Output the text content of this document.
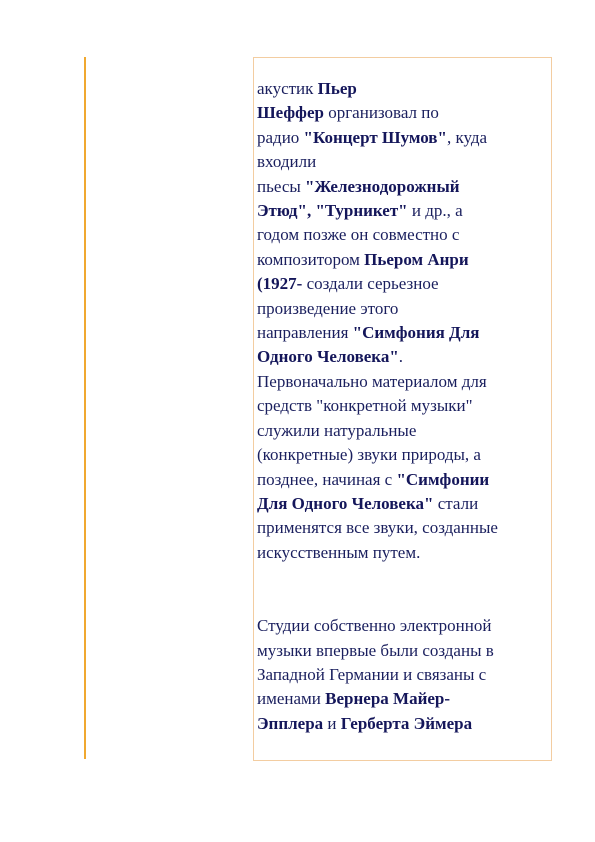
акустик Пьер
Шеффер организовал по
радио "Концерт Шумов", куда
входили
пьесы "Железнодорожный
Этюд", "Турникет" и др., а
годом позже он совместно с
композитором Пьером Анри
(1927- создали серьезное
произведение этого
направления "Симфония Для
Одного Человека".
Первоначально материалом для
средств "конкретной музыки"
служили натуральные
(конкретные) звуки природы, а
позднее, начиная с "Симфонии
Для Одного Человека" стали
применятся все звуки, созданные
искусственным путем.

Студии собственно электронной
музыки впервые были созданы в
Западной Германии и связаны с
именами Вернера Майер-
Эпплера и Герберта Эймера
